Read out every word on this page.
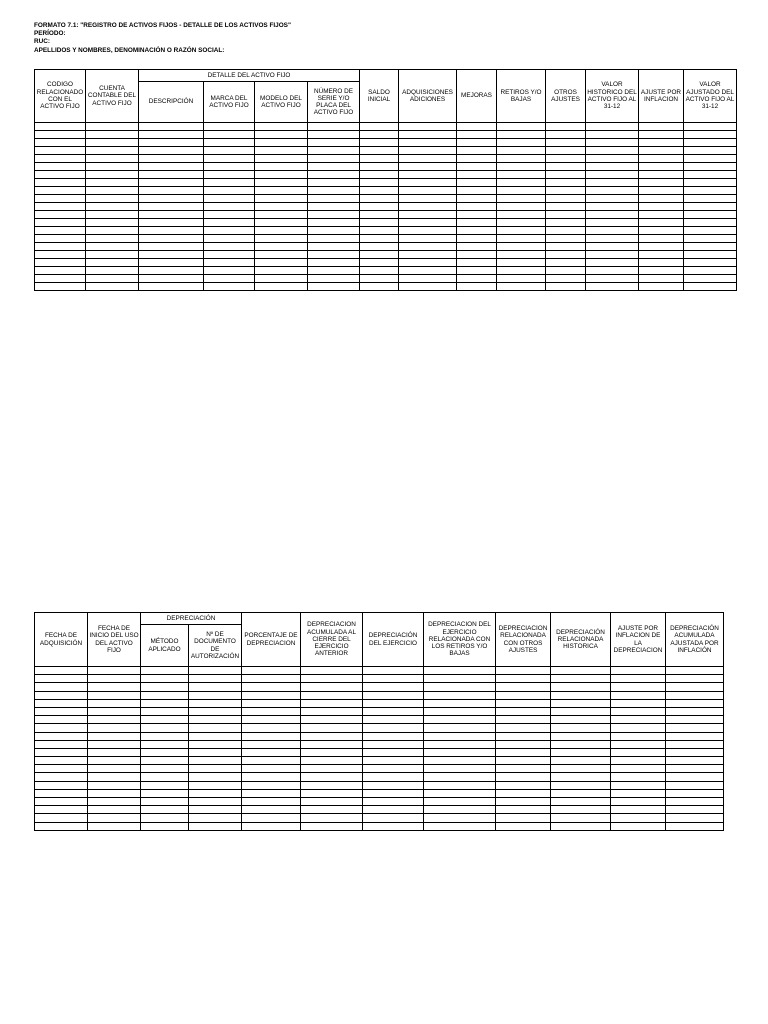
FORMATO 7.1: "REGISTRO DE ACTIVOS FIJOS - DETALLE DE LOS ACTIVOS FIJOS"
PERÍODO:
RUC:
APELLIDOS Y NOMBRES, DENOMINACIÓN O RAZÓN SOCIAL:
CODIGO RELACIONADO CON EL ACTIVO FIJO	CUENTA CONTABLE DEL ACTIVO FIJO	DETALLE DEL ACTIVO FIJO				SALDO INICIAL	ADQUISICIONES ADICIONES	MEJORAS	RETIROS Y/O BAJAS	OTROS AJUSTES	VALOR HISTORICO DEL ACTIVO FIJO AL 31-12	AJUSTE POR INFLACION	VALOR AJUSTADO DEL ACTIVO FIJO AL 31-12
		DESCRIPCIÓN	MARCA DEL ACTIVO FIJO	MODELO DEL ACTIVO FIJO	NÚMERO DE SERIE Y/O PLACA DEL ACTIVO FIJO								

FECHA DE ADQUISICIÓN	FECHA DE INICIO DEL USO DEL ACTIVO FIJO	DEPRECIACIÓN		PORCENTAJE DE DEPRECIACION	DEPRECIACION ACUMULADA AL CIERRE DEL EJERCICIO ANTERIOR	DEPRECIACIÓN DEL EJERCICIO	DEPRECIACION DEL EJERCICIO RELACIONADA CON LOS RETIROS Y/O BAJAS	DEPRECIACION RELACIONADA CON OTROS AJUSTES	DEPRECIACIÓN RELACIONADA HISTORICA	AJUSTE POR INFLACION DE LA DEPRECIACION	DEPRECIACIÓN ACUMULADA AJUSTADA POR INFLACIÓN
		MÉTODO APLICADO	Nº DE DOCUMENTO DE AUTORIZACIÓN								
